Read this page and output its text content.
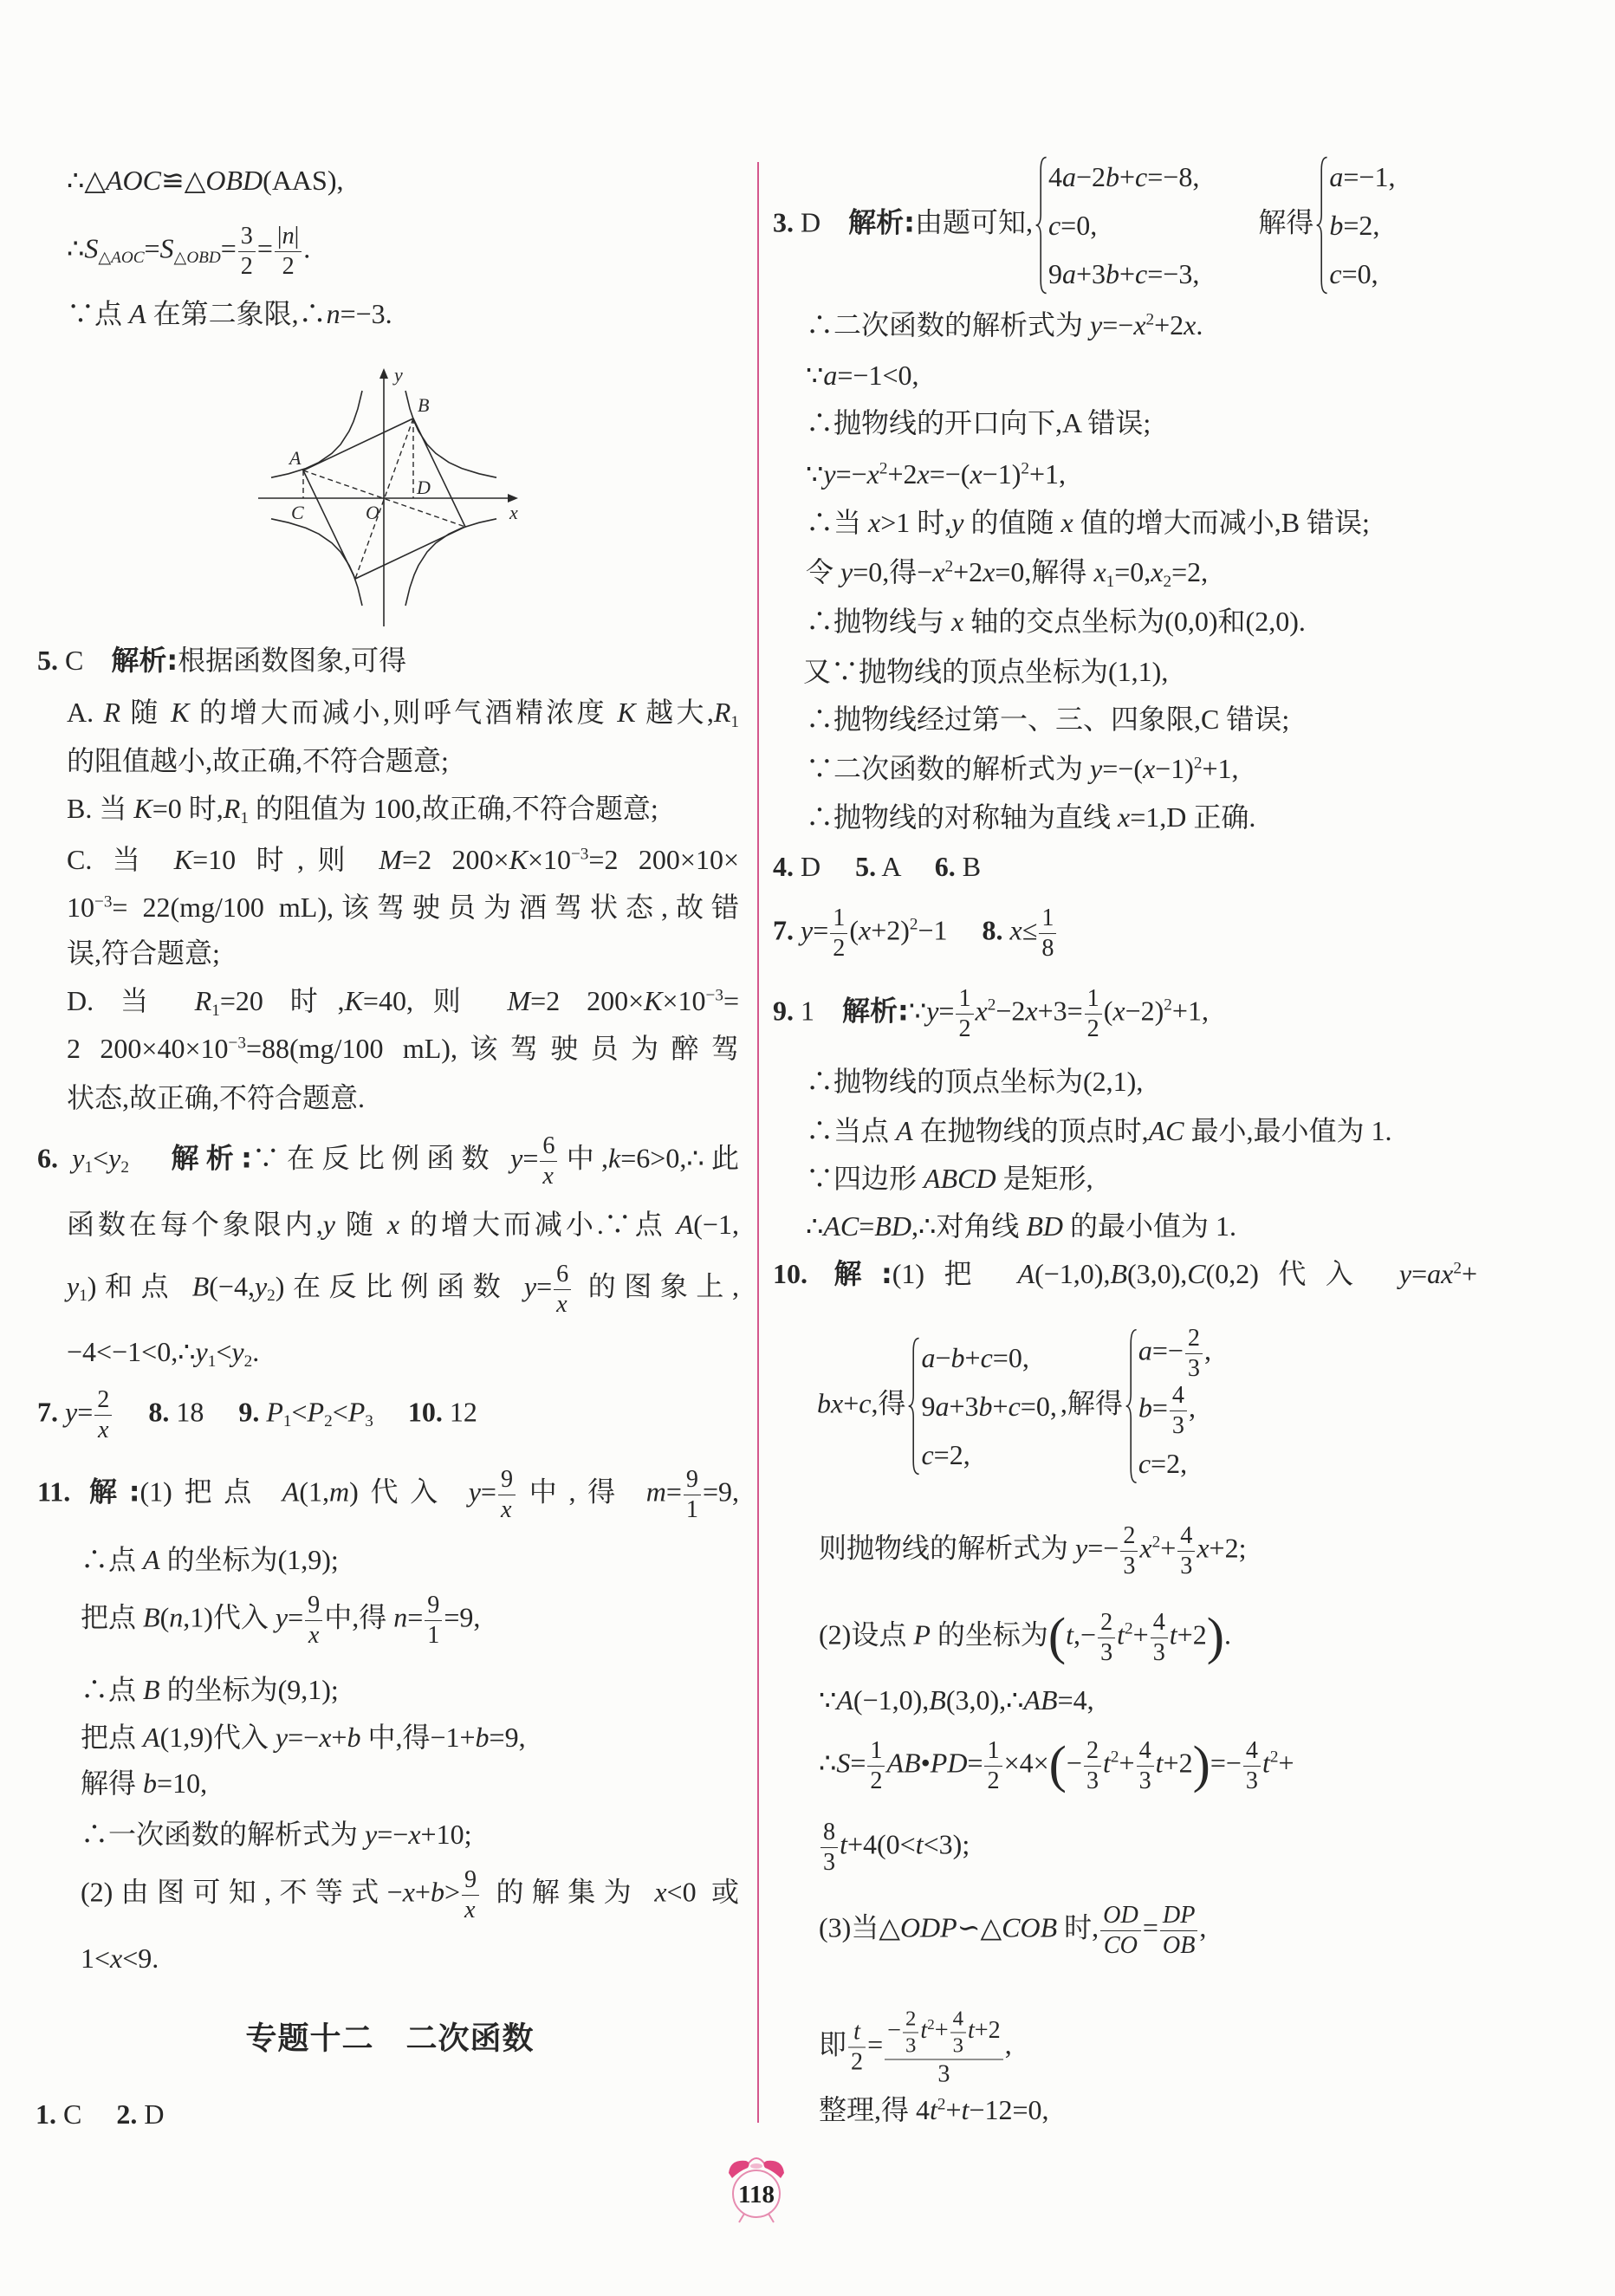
∴△AOC≌△OBD(AAS),
$\therefore S_{\triangle AOC}=S_{\triangle OBD}= \frac{3}{2} = \frac{|n|}{2}$ .
∵点 A 在第二象限,∴n=−3.
y
B
A
D
C	O	x
5. C　解析:根据函数图象,可得
A. R 随 K 的增大而减小,则呼气酒精浓度 K 越大$,R_1$
的阻值越小,故正确,不符合题意;
B. 当 K=0 时$,R_1$ 的阻值为 100,故正确,不符合题意;
C. 当 K=10 时,则 M=2 $200\times K\times 10^{-3}=2$ 200×10×
$10^{-3}= 22(mg/100$ mL),该驾驶员为酒驾状态,故错
误,符合题意;
D. 当 $R_1=20$ 时,K=40,则 M=2 $200\times K\times 10^{-3}=$
2 $200\times 40\times 10^{-3}=88(mg/100$ mL),该驾驶员为醉驾
状态,故正确,不符合题意.
6. $y_1<y_2$　 解析:∵在反比例函数 $y= \frac{6}{x}$ 中,k=6>0,∴此
函数在每个象限内,y 随 x 的增大而减小.∵点 A(−1,
$y_1$)和点 $B(-4,y_2)$在反比例函数 $y= \frac{6}{x}$ 的图象上,
$-4<-1<0,\therefore y_1<y_2$.
7. $y= \frac{2}{x}$
　 8. 18　 9. $P_1<P_2<P_3$　 10. 12
11. 解:(1)把点 A(1,m)代入 $y= \frac{9}{x}$ 中,得 $m= \frac{9}{1} =9$,
∴点 A 的坐标为(1,9);
把点 B(n,1)代入 $y= \frac{9}{x}$ 中,得 $n= \frac{9}{1} =9$,
∴点 B 的坐标为(9,1);
把点 A(1,9)代入 y=−x+b 中,得−1+b=9,
解得 b=10,
∴一次函数的解析式为 y=−x+10;
(2)由图可知,不等式$-x+b> \frac{9}{x}$ 的解集为 x<0 或
1<x<9.
专题十二　二次函数
1. C　 2. D
3. D　解析:由题可知,
4a−2b+c=−8,
c=0,
9a+3b+c=−3,
　　解得
a=−1,
b=2,
c=0,
∴二次函数的解析式为 $y=-x^2+2x$.
∵a=−1<0,
∴抛物线的开口向下,A 错误;
$\because y=-x^2+2x=-(x-1)^2+1$,
∴当 x>1 时,y 的值随 x 值的增大而减小,B 错误;
令 y=0,得$-x^2+2x=0$,解得 $x_1=0,x_2=2$,
∴抛物线与 x 轴的交点坐标为(0,0)和(2,0).
又∵抛物线的顶点坐标为(1,1),
∴抛物线经过第一、三、四象限,C 错误;
∵二次函数的解析式为 $y=-(x-1)^2+1$,
∴抛物线的对称轴为直线 x=1,D 正确.
4. D　 5. A　 6. B
7. $y= \frac{1}{2} (x+2)^2-1$　 8. $x\le \frac{1}{8}$
9. 1　解析:∵y= $\frac{1}{2} x^2-2x+3= \frac{1}{2} (x-2)^2+1$,
∴抛物线的顶点坐标为(2,1),
∴当点 A 在抛物线的顶点时,AC 最小,最小值为 1.
∵四边形 ABCD 是矩形,
∴AC=BD,∴对角线 BD 的最小值为 1.
10. 解:(1)把 A(−1,0),B(3,0),C(0,2)代入 $y=ax^2+$
bx+c,得
a−b+c=0,
9a+3b+c=0,
c=2,
,解得
$a=- \frac{2}{3}$ ,
$b= \frac{4}{3}$ ,
c=2,
则抛物线的解析式为 $y=- \frac{2}{3} x^2+ \frac{4}{3} x+2$;
(2)设点 P 的坐标为$(t,- \frac{2}{3} t^2+ \frac{4}{3} t+2)$.
∵A(−1,0),B(3,0),∴AB=4,
∴S= $\frac{1}{2}$ AB•PD= $\frac{1}{2} \times 4\times(- \frac{2}{3} t^2+ \frac{4}{3} t+2)=- \frac{4}{3} t^2+$
$\frac{8}{3} t+4(0<t<3)$;
(3)当△ODP∽△COB 时, $\frac{OD}{CO} = \frac{DP}{OB}$ ,
即 $\frac{t}{2} = \frac{- \frac{2}{3} t^2+ \frac{4}{3} t+2}{3}$ ,
整理,得 $4t^2+t-12=0$,
118
